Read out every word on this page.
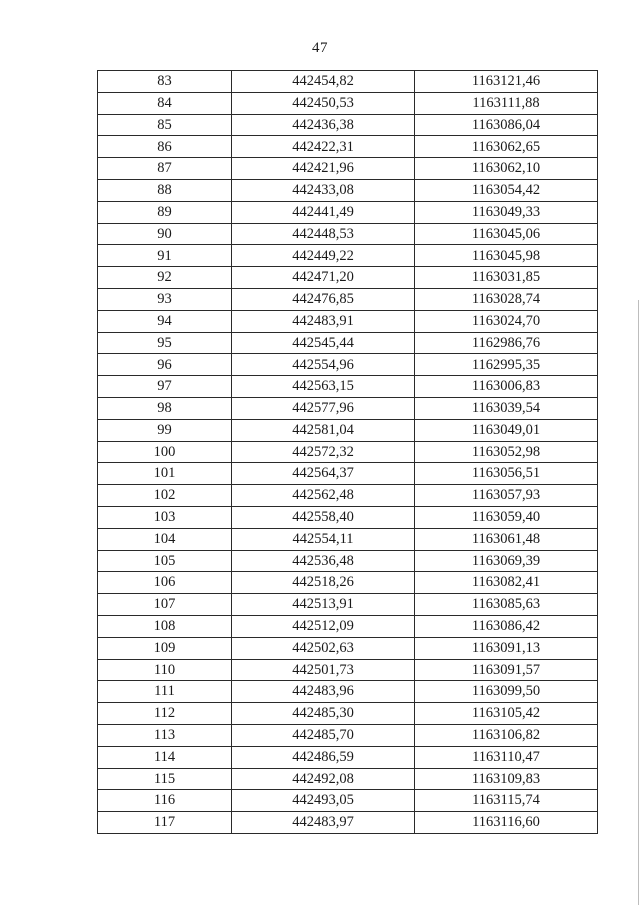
47
83	442454,82	1163121,46
84	442450,53	1163111,88
85	442436,38	1163086,04
86	442422,31	1163062,65
87	442421,96	1163062,10
88	442433,08	1163054,42
89	442441,49	1163049,33
90	442448,53	1163045,06
91	442449,22	1163045,98
92	442471,20	1163031,85
93	442476,85	1163028,74
94	442483,91	1163024,70
95	442545,44	1162986,76
96	442554,96	1162995,35
97	442563,15	1163006,83
98	442577,96	1163039,54
99	442581,04	1163049,01
100	442572,32	1163052,98
101	442564,37	1163056,51
102	442562,48	1163057,93
103	442558,40	1163059,40
104	442554,11	1163061,48
105	442536,48	1163069,39
106	442518,26	1163082,41
107	442513,91	1163085,63
108	442512,09	1163086,42
109	442502,63	1163091,13
110	442501,73	1163091,57
111	442483,96	1163099,50
112	442485,30	1163105,42
113	442485,70	1163106,82
114	442486,59	1163110,47
115	442492,08	1163109,83
116	442493,05	1163115,74
117	442483,97	1163116,60
